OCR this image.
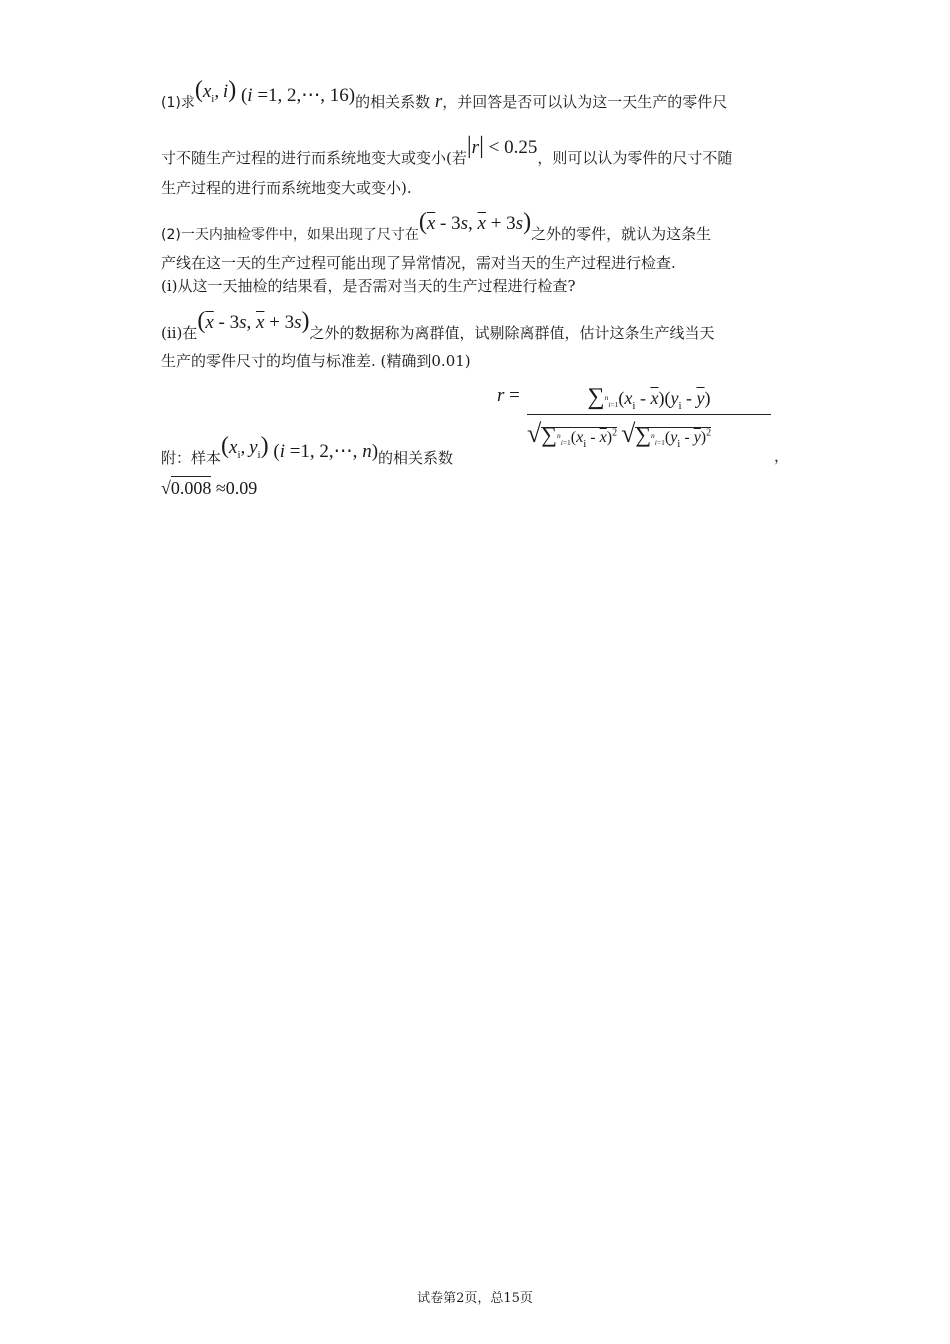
(1)求($x_i$, i) (i =1, 2,⋯, 16)的相关系数 r，并回答是否可以认为这一天生产的零件尺
寸不随生产过程的进行而系统地变大或变小(若|r| < 0.25，则可以认为零件的尺寸不随
生产过程的进行而系统地变大或变小).
(2)一天内抽检零件中，如果出现了尺寸在($\overline{x} - 3s$, $\overline{x} + 3s$)之外的零件，就认为这条生
产线在这一天的生产过程可能出现了异常情况，需对当天的生产过程进行检查.
(ⅰ)从这一天抽检的结果看，是否需对当天的生产过程进行检查?
(ⅱ)在($\overline{x} - 3s$, $\overline{x} + 3s$)之外的数据称为离群值，试剔除离群值，估计这条生产线当天
生产的零件尺寸的均值与标准差. (精确到0.01)
附：样本($x_i$, $y_i$) (i =1, 2,⋯, n)的相关系数
r =	$\sum^n_{i=1}(x_i - \overline{x})(y_i - \overline{y})$
$√\sum^n_{i=1}(x_i - \overline{x})^2$ $√\sum^n_{i=1}(y_i - \overline{y})^2$
，
√0.008 ≈0.09
试卷第2页，总15页
